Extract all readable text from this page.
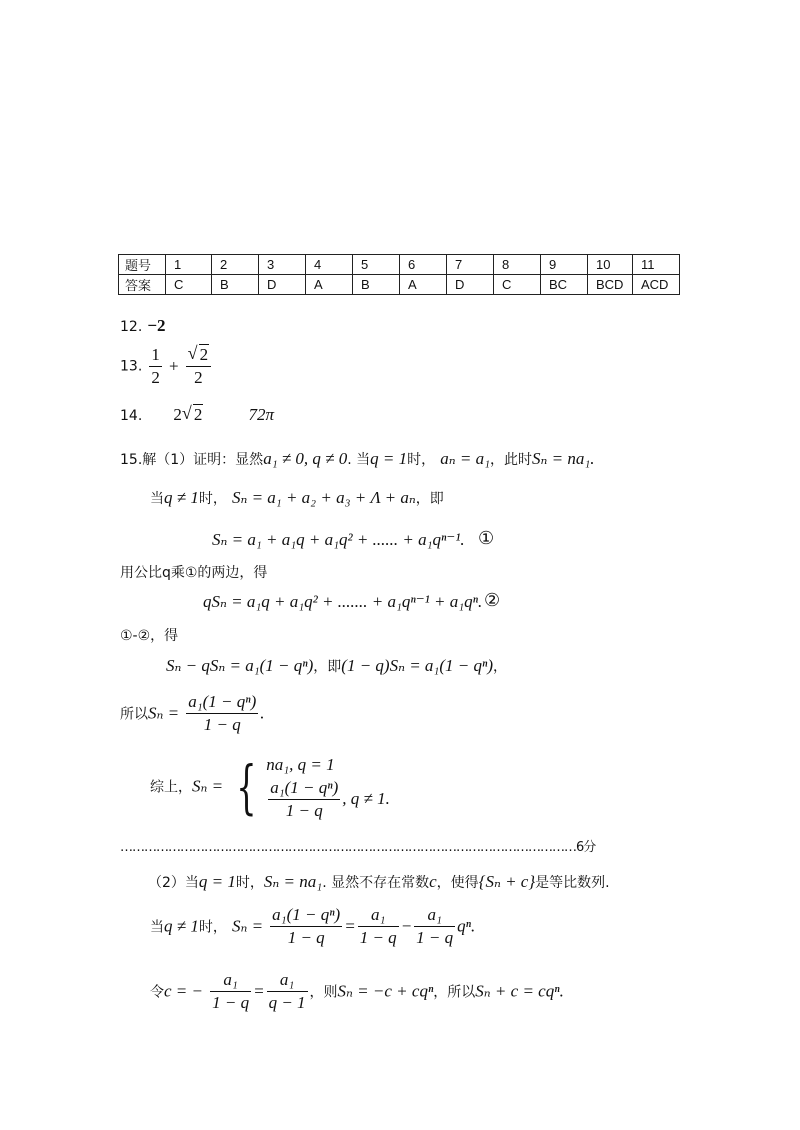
题号	1	2	3	4	5	6	7	8	9	10	11
答案	C	B	D	A	B	A	D	C	BC	BCD	ACD
12. −2
13. $\frac{1}{2} + \frac{√ 2}{2}$
14. 2 √ 2	72π
15.解（1）证明：显然a₁ ≠ 0, q ≠ 0. 当q = 1时， aₙ = a₁，此时Sₙ = na₁.
当q ≠ 1时， Sₙ = a₁ + a₂ + a₃ + Λ + aₙ，即
Sₙ = a₁ + a₁q + a₁q² + ...... + a₁qⁿ⁻¹. ①
用公比q乘①的两边，得
qSₙ = a₁q + a₁q² + ....... + a₁qⁿ⁻¹ + a₁qⁿ. ②
①-②，得
Sₙ − qSₙ = a₁(1 − qⁿ)，即(1 − q)Sₙ = a₁(1 − qⁿ)，
所以$S_n = \frac{\text{a₁(1 − qⁿ)}}{1 - q}$ .
综上，Sₙ = { na₁, q = 1
$\frac{\text{a₁(1 − qⁿ)}}{1 - q}$ , q ≠ 1.
……………………………………………………………………………………………………6分
（2）当q = 1时，Sₙ = na₁. 显然不存在常数c，使得{Sₙ + c}是等比数列.
当q ≠ 1时， $S_n = \frac{\text{a₁(1 − qⁿ)}}{1 - q} = \frac{\text{a₁}}{1 - q} - \frac{\text{a₁}}{1 - q} q^n$.
令c = − $\frac{\text{a₁}}{1 - q} = \frac{\text{a₁}}{q - 1}$ ，则Sₙ = −c + cqⁿ，所以Sₙ + c = cqⁿ.
